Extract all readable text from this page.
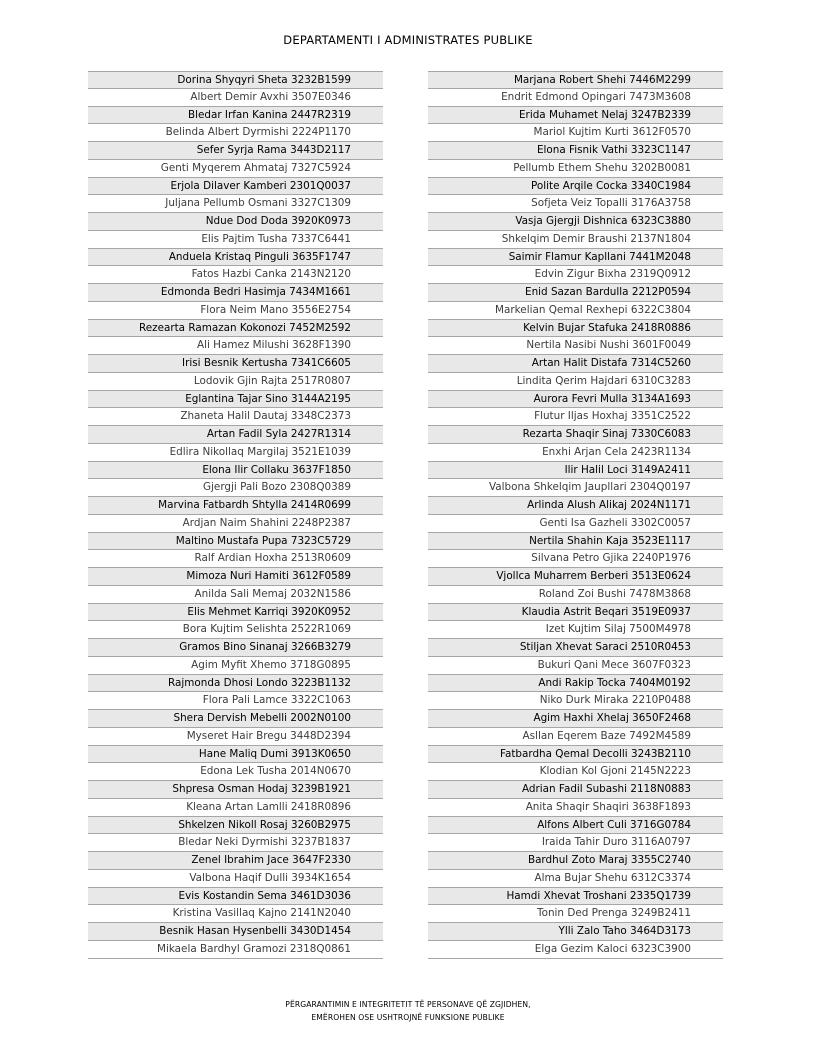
DEPARTAMENTI I ADMINISTRATES PUBLIKE
Dorina Shyqyri Sheta 3232B1599
Albert Demir Avxhi 3507E0346
Bledar Irfan Kanina 2447R2319
Belinda Albert Dyrmishi 2224P1170
Sefer Syrja Rama 3443D2117
Genti Myqerem Ahmataj 7327C5924
Erjola Dilaver Kamberi 2301Q0037
Juljana Pellumb Osmani 3327C1309
Ndue Dod Doda 3920K0973
Elis Pajtim Tusha 7337C6441
Anduela Kristaq Pinguli 3635F1747
Fatos Hazbi Canka 2143N2120
Edmonda Bedri Hasimja 7434M1661
Flora Neim Mano 3556E2754
Rezearta Ramazan Kokonozi 7452M2592
Ali Hamez Milushi 3628F1390
Irisi Besnik Kertusha 7341C6605
Lodovik Gjin Rajta 2517R0807
Eglantina Tajar Sino 3144A2195
Zhaneta Halil Dautaj 3348C2373
Artan Fadil Syla 2427R1314
Edlira Nikollaq Margilaj 3521E1039
Elona Ilir Collaku 3637F1850
Gjergji Pali Bozo 2308Q0389
Marvina Fatbardh Shtylla 2414R0699
Ardjan Naim Shahini 2248P2387
Maltino Mustafa Pupa 7323C5729
Ralf Ardian Hoxha 2513R0609
Mimoza Nuri Hamiti 3612F0589
Anilda Sali Memaj 2032N1586
Elis Mehmet Karriqi 3920K0952
Bora Kujtim Selishta 2522R1069
Gramos Bino Sinanaj 3266B3279
Agim Myfit Xhemo 3718G0895
Rajmonda Dhosi Londo 3223B1132
Flora Pali Lamce 3322C1063
Shera Dervish Mebelli 2002N0100
Myseret Hair Bregu 3448D2394
Hane Maliq Dumi 3913K0650
Edona Lek Tusha 2014N0670
Shpresa Osman Hodaj 3239B1921
Kleana Artan Lamlli 2418R0896
Shkelzen Nikoll Rosaj 3260B2975
Bledar Neki Dyrmishi 3237B1837
Zenel Ibrahim Jace 3647F2330
Valbona Haqif Dulli 3934K1654
Evis Kostandin Sema 3461D3036
Kristina Vasillaq Kajno 2141N2040
Besnik Hasan Hysenbelli 3430D1454
Mikaela Bardhyl Gramozi 2318Q0861
Marjana Robert Shehi 7446M2299
Endrit Edmond Opingari 7473M3608
Erida Muhamet Nelaj 3247B2339
Mariol Kujtim Kurti 3612F0570
Elona Fisnik Vathi 3323C1147
Pellumb Ethem Shehu 3202B0081
Polite Arqile Cocka 3340C1984
Sofjeta Veiz Topalli 3176A3758
Vasja Gjergji Dishnica 6323C3880
Shkelqim Demir Braushi 2137N1804
Saimir Flamur Kapllani 7441M2048
Edvin Zigur Bixha 2319Q0912
Enid Sazan Bardulla 2212P0594
Markelian Qemal Rexhepi 6322C3804
Kelvin Bujar Stafuka 2418R0886
Nertila Nasibi Nushi 3601F0049
Artan Halit Distafa 7314C5260
Lindita Qerim Hajdari 6310C3283
Aurora Fevri Mulla 3134A1693
Flutur Iljas Hoxhaj 3351C2522
Rezarta Shaqir Sinaj 7330C6083
Enxhi Arjan Cela 2423R1134
Ilir Halil Loci 3149A2411
Valbona Shkelqim Jaupllari 2304Q0197
Arlinda Alush Alikaj 2024N1171
Genti Isa Gazheli 3302C0057
Nertila Shahin Kaja 3523E1117
Silvana Petro Gjika 2240P1976
Vjollca Muharrem Berberi 3513E0624
Roland Zoi Bushi 7478M3868
Klaudia Astrit Beqari 3519E0937
Izet Kujtim Silaj 7500M4978
Stiljan Xhevat Saraci 2510R0453
Bukuri Qani Mece 3607F0323
Andi Rakip Tocka 7404M0192
Niko Durk Miraka 2210P0488
Agim Haxhi Xhelaj 3650F2468
Asllan Eqerem Baze 7492M4589
Fatbardha Qemal Decolli 3243B2110
Klodian Kol Gjoni 2145N2223
Adrian Fadil Subashi 2118N0883
Anita Shaqir Shaqiri 3638F1893
Alfons Albert Culi 3716G0784
Iraida Tahir Duro 3116A0797
Bardhul Zoto Maraj 3355C2740
Alma Bujar Shehu 6312C3374
Hamdi Xhevat Troshani 2335Q1739
Tonin Ded Prenga 3249B2411
Ylli Zalo Taho 3464D3173
Elga Gezim Kaloci 6323C3900
PËRGARANTIMIN E INTEGRITETIT TË PERSONAVE QË ZGJIDHEN,
EMËROHEN OSE USHTROJNË FUNKSIONE PUBLIKE
